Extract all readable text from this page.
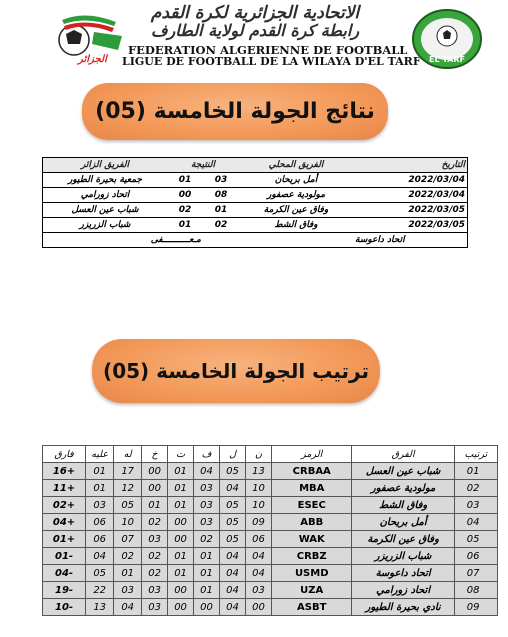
الاتحادية الجزائرية لكرة القدم
رابطة كرة القدم لولاية الطارف
الجزائر
FEDERATION ALGERIENNE DE FOOTBALL
LIGUE DE FOOTBALL DE LA WILAYA D'EL TARF EL TARF
نتائج الجولة الخامسة (05)
الفريق الزائر	النتيجة		الفريق المحلي	التاريخ
جمعية بحيرة الطيور	01	03	أمل بريحان	2022/03/04
اتحاد زورامي	00	08	مولودية عصفور	2022/03/04
شباب عين العسل	02	01	وفاق عين الكرمة	2022/03/05
شباب الزريزر	01	02	وفاق الشط	2022/03/05
مـعــــــــــفى				اتحاد داعوسة
ترتيب الجولة الخامسة (05)
فارق	عليه	له	خ	ت	ف	ل	ن	الرمز	الفرق	ترتيب
16+	01	17	00	01	04	05	13	CRBAA	شباب عين العسل	01
11+	01	12	00	01	03	04	10	MBA	مولودية عصفور	02
02+	03	05	01	01	03	05	10	ESEC	وفاق الشط	03
04+	06	10	02	00	03	05	09	ABB	أمل بريحان	04
01+	06	07	03	00	02	05	06	WAK	وفاق عين الكرمة	05
01-	04	02	02	01	01	04	04	CRBZ	شباب الزريزر	06
04-	05	01	02	01	01	04	04	USMD	اتحاد داعوسة	07
19-	22	03	03	00	01	04	03	UZA	اتحاد زورامي	08
10-	13	04	03	00	00	04	00	ASBT	نادي بحيرة الطيور	09
